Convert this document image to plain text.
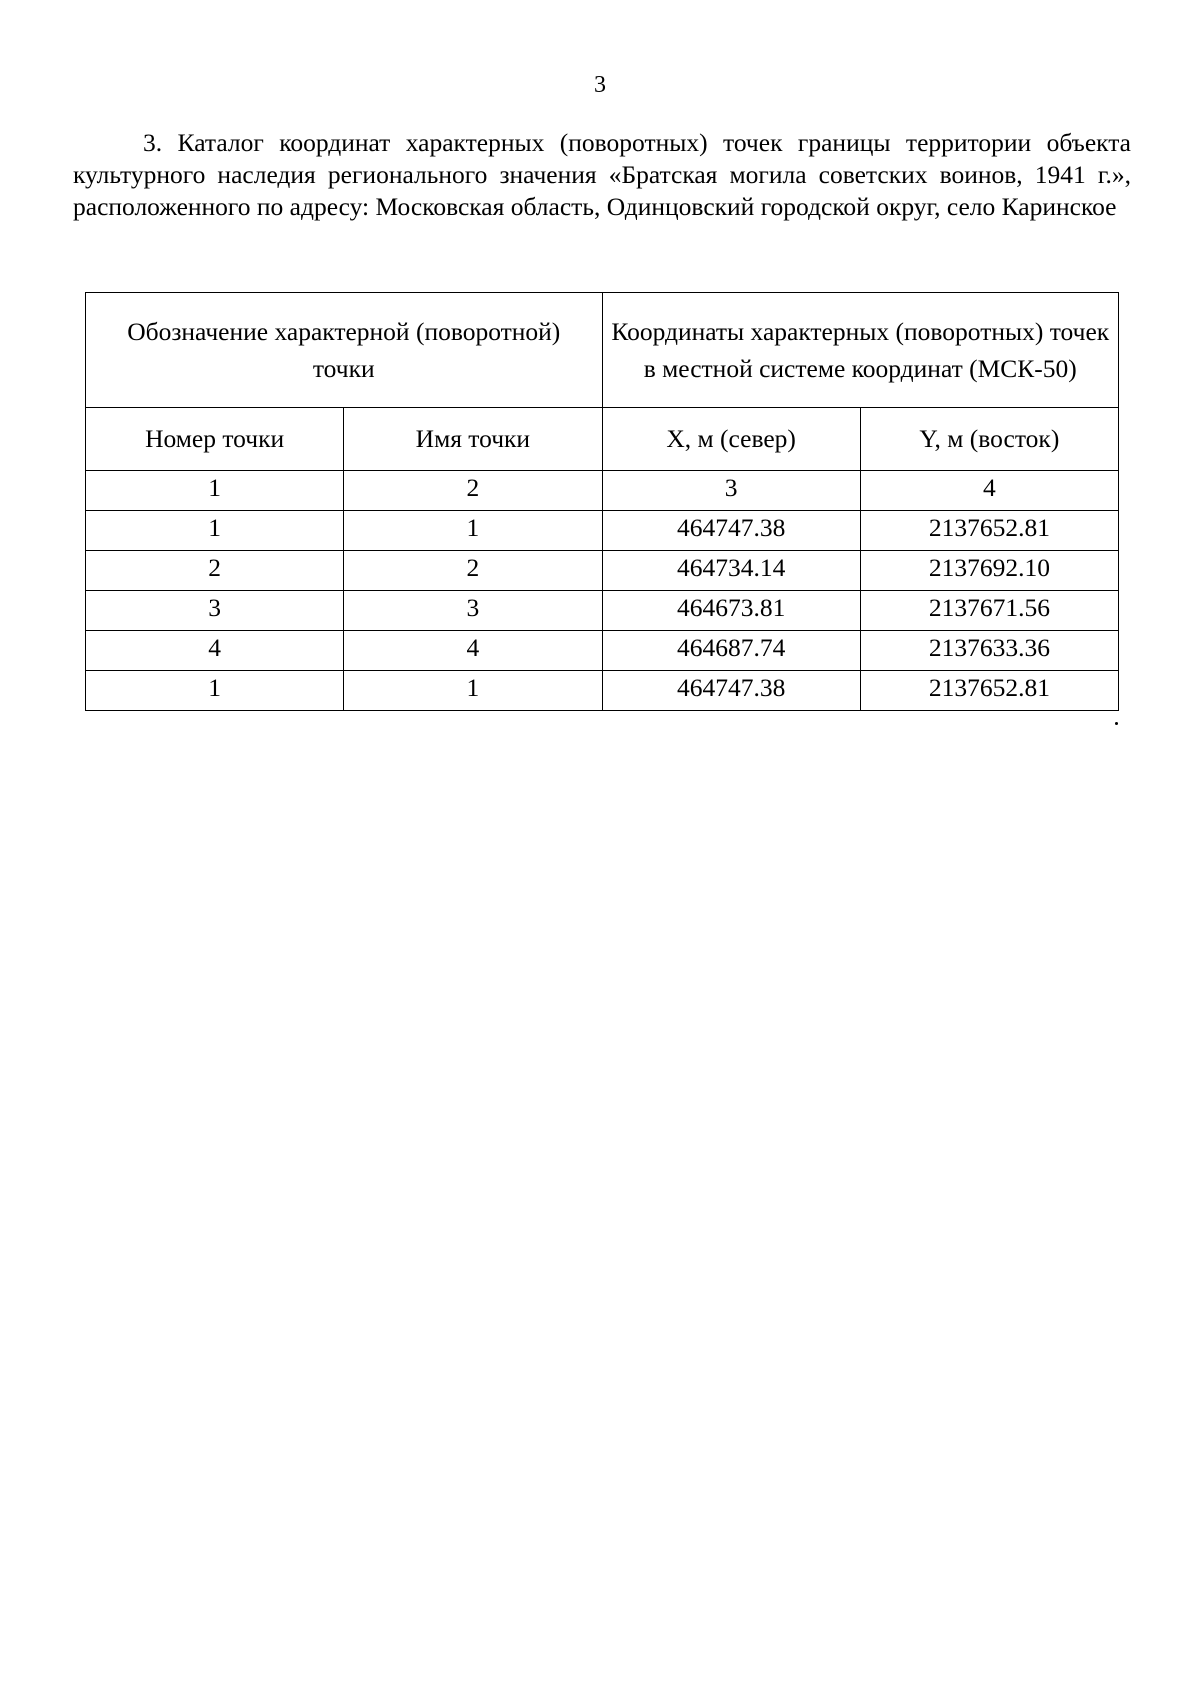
3

3. Каталог координат характерных (поворотных) точек границы территории объекта культурного наследия регионального значения «Братская могила советских воинов, 1941 г.», расположенного по адресу: Московская область, Одинцовский городской округ, село Каринское

Обозначение характерной (поворотной) точки		Координаты характерных (поворотных) точек в местной системе координат (МСК-50)	
Номер точки	Имя точки	X, м (север)	Y, м (восток)
1	2	3	4
1	1	464747.38	2137652.81
2	2	464734.14	2137692.10
3	3	464673.81	2137671.56
4	4	464687.74	2137633.36
1	1	464747.38	2137652.81
